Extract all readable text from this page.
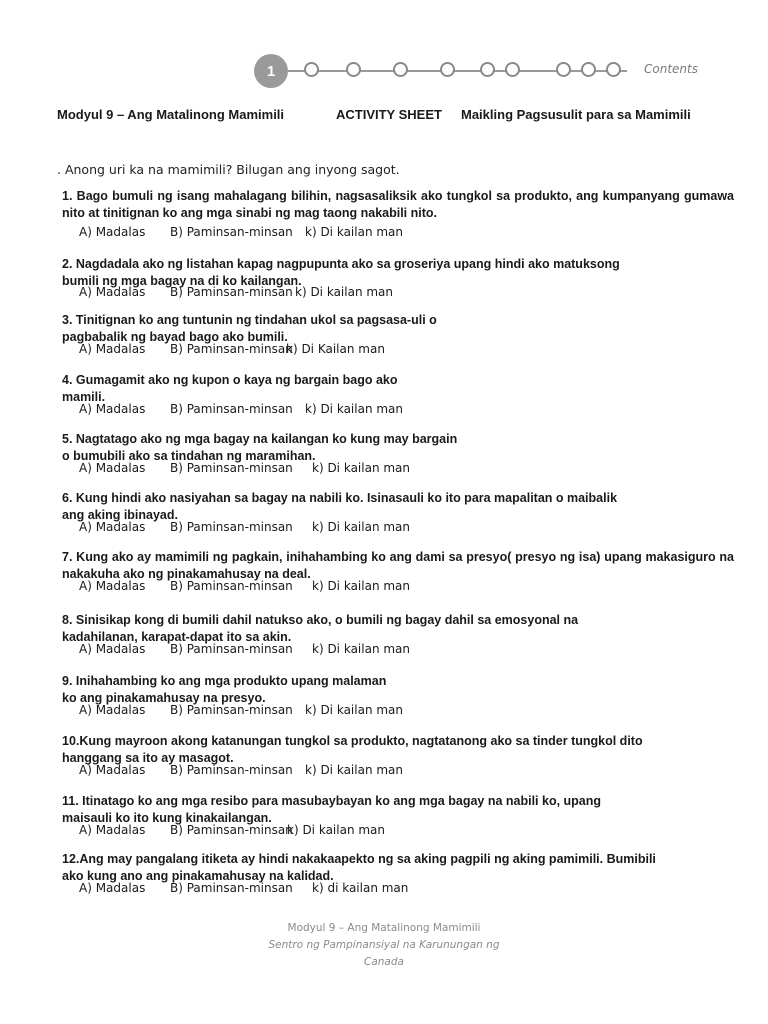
1	Contents
Modyul 9 – Ang Matalinong Mamimili	ACTIVITY SHEET Maikling Pagsusulit para sa Mamimili
. Anong uri ka na mamimili? Bilugan ang inyong sagot.

1. Bago bumuli ng isang mahalagang bilihin, nagsasaliksik ako tungkol sa produkto, ang kumpanyang gumawa nito at tinitignan ko ang mga sinabi ng mag taong nakabili nito.

A) Madalas B) Paminsan-minsan k) Di kailan man

2. Nagdadala ako ng listahan kapag nagpupunta ako sa groseriya upang hindi ako matuksong
bumili ng mga bagay na di ko kailangan.

A) Madalas B) Paminsan-minsan k) Di kailan man

3. Tinitignan ko ang tuntunin ng tindahan ukol sa pagsasa-uli o
pagbabalik ng bayad bago ako bumili.

A) Madalas B) Paminsan-minsan
k) Di Kailan man

4. Gumagamit ako ng kupon o kaya ng bargain bago ako
mamili.

A) Madalas B) Paminsan-minsan k) Di kailan man

5. Nagtatago ako ng mga bagay na kailangan ko kung may bargain
o bumubili ako sa tindahan ng maramihan.

A) Madalas B) Paminsan-minsan k) Di kailan man

6. Kung hindi ako nasiyahan sa bagay na nabili ko. Isinasauli ko ito para mapalitan o maibalik
ang aking ibinayad.

A) Madalas B) Paminsan-minsan k) Di kailan man

7. Kung ako ay mamimili ng pagkain, inihahambing ko ang dami sa presyo( presyo ng isa) upang makasiguro na nakakuha ako ng pinakamahusay na deal.

A) Madalas B) Paminsan-minsan k) Di kailan man

8. Sinisikap kong di bumili dahil natukso ako, o bumili ng bagay dahil sa emosyonal na
kadahilanan, karapat-dapat ito sa akin.

A) Madalas B) Paminsan-minsan k) Di kailan man

9. Inihahambing ko ang mga produkto upang malaman
ko ang pinakamahusay na presyo.

A) Madalas B) Paminsan-minsan k) Di kailan man

10.Kung mayroon akong katanungan tungkol sa produkto, nagtatanong ako sa tinder tungkol dito
hanggang sa ito ay masagot.

A) Madalas B) Paminsan-minsan k) Di kailan man

11. Itinatago ko ang mga resibo para masubaybayan ko ang mga bagay na nabili ko, upang
maisauli ko ito kung kinakailangan.

A) Madalas B) Paminsan-minsan
k) Di kailan man

12.Ang may pangalang itiketa ay hindi nakakaapekto ng sa aking pagpili ng aking pamimili. Bumibili
ako kung ano ang pinakamahusay na kalidad.

A) Madalas B) Paminsan-minsan k) di kailan man
Modyul 9 – Ang Matalinong Mamimili
Sentro ng Pampinansiyal na Karunungan ng
Canada
